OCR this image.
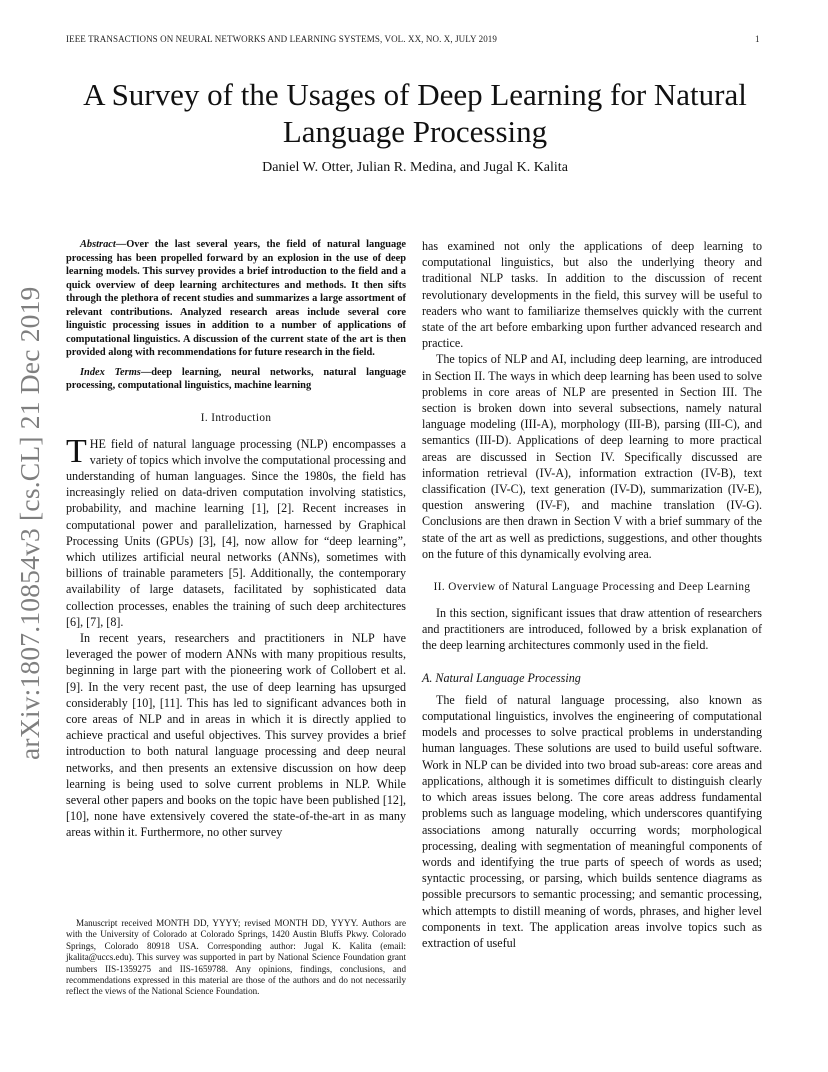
IEEE TRANSACTIONS ON NEURAL NETWORKS AND LEARNING SYSTEMS, VOL. XX, NO. X, JULY 2019	1
arXiv:1807.10854v3 [cs.CL] 21 Dec 2019
A Survey of the Usages of Deep Learning for Natural Language Processing
Daniel W. Otter, Julian R. Medina, and Jugal K. Kalita

Abstract—Over the last several years, the field of natural language processing has been propelled forward by an explosion in the use of deep learning models. This survey provides a brief introduction to the field and a quick overview of deep learning architectures and methods. It then sifts through the plethora of recent studies and summarizes a large assortment of relevant contributions. Analyzed research areas include several core linguistic processing issues in addition to a number of applications of computational linguistics. A discussion of the current state of the art is then provided along with recommendations for future research in the field.

Index Terms—deep learning, neural networks, natural language processing, computational linguistics, machine learning

I. Introduction

THE field of natural language processing (NLP) encompasses a variety of topics which involve the computational processing and understanding of human languages. Since the 1980s, the field has increasingly relied on data-driven computation involving statistics, probability, and machine learning [1], [2]. Recent increases in computational power and parallelization, harnessed by Graphical Processing Units (GPUs) [3], [4], now allow for “deep learning”, which utilizes artificial neural networks (ANNs), sometimes with billions of trainable parameters [5]. Additionally, the contemporary availability of large datasets, facilitated by sophisticated data collection processes, enables the training of such deep architectures [6], [7], [8].

In recent years, researchers and practitioners in NLP have leveraged the power of modern ANNs with many propitious results, beginning in large part with the pioneering work of Collobert et al. [9]. In the very recent past, the use of deep learning has upsurged considerably [10], [11]. This has led to significant advances both in core areas of NLP and in areas in which it is directly applied to achieve practical and useful objectives. This survey provides a brief introduction to both natural language processing and deep neural networks, and then presents an extensive discussion on how deep learning is being used to solve current problems in NLP. While several other papers and books on the topic have been published [12], [10], none have extensively covered the state-of-the-art in as many areas within it. Furthermore, no other survey

Manuscript received MONTH DD, YYYY; revised MONTH DD, YYYY. Authors are with the University of Colorado at Colorado Springs, 1420 Austin Bluffs Pkwy. Colorado Springs, Colorado 80918 USA. Corresponding author: Jugal K. Kalita (email: jkalita@uccs.edu). This survey was supported in part by National Science Foundation grant numbers IIS-1359275 and IIS-1659788. Any opinions, findings, conclusions, and recommendations expressed in this material are those of the authors and do not necessarily reflect the views of the National Science Foundation.

has examined not only the applications of deep learning to computational linguistics, but also the underlying theory and traditional NLP tasks. In addition to the discussion of recent revolutionary developments in the field, this survey will be useful to readers who want to familiarize themselves quickly with the current state of the art before embarking upon further advanced research and practice.

The topics of NLP and AI, including deep learning, are introduced in Section II. The ways in which deep learning has been used to solve problems in core areas of NLP are presented in Section III. The section is broken down into several subsections, namely natural language modeling (III-A), morphology (III-B), parsing (III-C), and semantics (III-D). Applications of deep learning to more practical areas are discussed in Section IV. Specifically discussed are information retrieval (IV-A), information extraction (IV-B), text classification (IV-C), text generation (IV-D), summarization (IV-E), question answering (IV-F), and machine translation (IV-G). Conclusions are then drawn in Section V with a brief summary of the state of the art as well as predictions, suggestions, and other thoughts on the future of this dynamically evolving area.

II. Overview of Natural Language Processing and Deep Learning

In this section, significant issues that draw attention of researchers and practitioners are introduced, followed by a brisk explanation of the deep learning architectures commonly used in the field.

A. Natural Language Processing

The field of natural language processing, also known as computational linguistics, involves the engineering of computational models and processes to solve practical problems in understanding human languages. These solutions are used to build useful software. Work in NLP can be divided into two broad sub-areas: core areas and applications, although it is sometimes difficult to distinguish clearly to which areas issues belong. The core areas address fundamental problems such as language modeling, which underscores quantifying associations among naturally occurring words; morphological processing, dealing with segmentation of meaningful components of words and identifying the true parts of speech of words as used; syntactic processing, or parsing, which builds sentence diagrams as possible precursors to semantic processing; and semantic processing, which attempts to distill meaning of words, phrases, and higher level components in text. The application areas involve topics such as extraction of useful
